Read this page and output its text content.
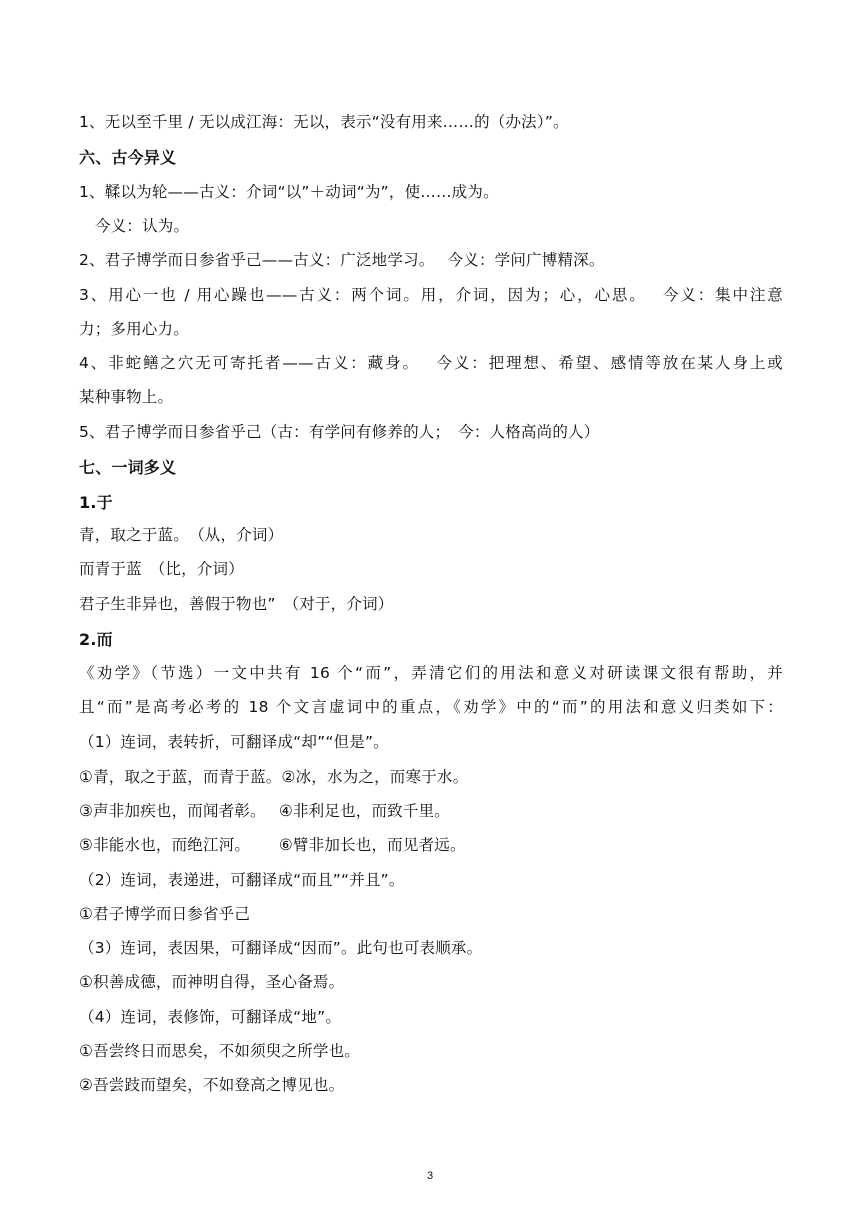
1、无以至千里 / 无以成江海：无以，表示“没有用来……的（办法）”。
六、古今异义
1、鞣以为轮——古义：介词“以”＋动词“为”，使……成为。
今义：认为。
2、君子博学而日参省乎己——古义：广泛地学习。　 今义：学问广博精深。
3、用心一也 / 用心躁也——古义：两个词。用，介词，因为；心，心思。　 今义：集中注意
力；多用心力。
4、非蛇鳝之穴无可寄托者——古义：藏身。　 今义：把理想、希望、感情等放在某人身上或
某种事物上。
5、君子博学而日参省乎己（古：有学问有修养的人；　今：人格高尚的人）
七、一词多义
1.于
青，取之于蓝。　（从，介词）
而青于蓝　（比，介词）
君子生非异也，善假于物也”　（对于，介词）
2.而
《劝学》（节选）一文中共有 16 个“而”，弄清它们的用法和意义对研读课文很有帮助，并
且“而”是高考必考的 18 个文言虚词中的重点，《劝学》中的“而”的用法和意义归类如下：
（1）连词，表转折，可翻译成“却”“但是”。
①青，取之于蓝，而青于蓝。②冰，水为之，而寒于水。
③声非加疾也，而闻者彰。　 ④非利足也，而致千里。
⑤非能水也，而绝江河。　　 ⑥臂非加长也，而见者远。
（2）连词，表递进，可翻译成“而且”“并且”。
①君子博学而日参省乎己
（3）连词，表因果，可翻译成“因而”。此句也可表顺承。
①积善成德，而神明自得，圣心备焉。
（4）连词，表修饰，可翻译成“地”。
①吾尝终日而思矣，不如须臾之所学也。
②吾尝跂而望矣，不如登高之博见也。
3
